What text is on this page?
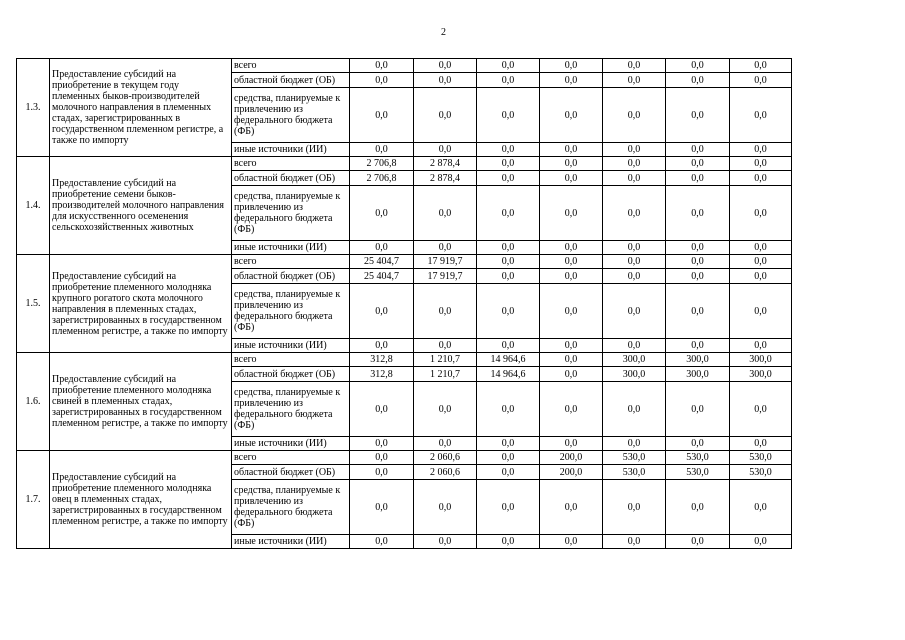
2
1.3.	Предоставление субсидий на приобретение в текущем году племенных быков-производителей молочного направления в племенных стадах, зарегистрированных в государственном племенном регистре, а также по импорту	всего	0,0	0,0	0,0	0,0	0,0	0,0	0,0
		областной бюджет (ОБ)	0,0	0,0	0,0	0,0	0,0	0,0	0,0
		средства, планируемые к привлечению из федерального бюджета (ФБ)	0,0	0,0	0,0	0,0	0,0	0,0	0,0
		иные источники (ИИ)	0,0	0,0	0,0	0,0	0,0	0,0	0,0
1.4.	Предоставление субсидий на приобретение семени быков-производителей молочного направления для искусственного осеменения сельскохозяйственных животных	всего	2 706,8	2 878,4	0,0	0,0	0,0	0,0	0,0
		областной бюджет (ОБ)	2 706,8	2 878,4	0,0	0,0	0,0	0,0	0,0
		средства, планируемые к привлечению из федерального бюджета (ФБ)	0,0	0,0	0,0	0,0	0,0	0,0	0,0
		иные источники (ИИ)	0,0	0,0	0,0	0,0	0,0	0,0	0,0
1.5.	Предоставление субсидий на приобретение племенного молодняка крупного рогатого скота молочного направления в племенных стадах, зарегистрированных в государственном племенном регистре, а также по импорту	всего	25 404,7	17 919,7	0,0	0,0	0,0	0,0	0,0
		областной бюджет (ОБ)	25 404,7	17 919,7	0,0	0,0	0,0	0,0	0,0
		средства, планируемые к привлечению из федерального бюджета (ФБ)	0,0	0,0	0,0	0,0	0,0	0,0	0,0
		иные источники (ИИ)	0,0	0,0	0,0	0,0	0,0	0,0	0,0
1.6.	Предоставление субсидий на приобретение племенного молодняка свиней в племенных стадах, зарегистрированных в государственном племенном регистре, а также по импорту	всего	312,8	1 210,7	14 964,6	0,0	300,0	300,0	300,0
		областной бюджет (ОБ)	312,8	1 210,7	14 964,6	0,0	300,0	300,0	300,0
		средства, планируемые к привлечению из федерального бюджета (ФБ)	0,0	0,0	0,0	0,0	0,0	0,0	0,0
		иные источники (ИИ)	0,0	0,0	0,0	0,0	0,0	0,0	0,0
1.7.	Предоставление субсидий на приобретение племенного молодняка овец в племенных стадах, зарегистрированных в государственном племенном регистре, а также по импорту	всего	0,0	2 060,6	0,0	200,0	530,0	530,0	530,0
		областной бюджет (ОБ)	0,0	2 060,6	0,0	200,0	530,0	530,0	530,0
		средства, планируемые к привлечению из федерального бюджета (ФБ)	0,0	0,0	0,0	0,0	0,0	0,0	0,0
		иные источники (ИИ)	0,0	0,0	0,0	0,0	0,0	0,0	0,0
